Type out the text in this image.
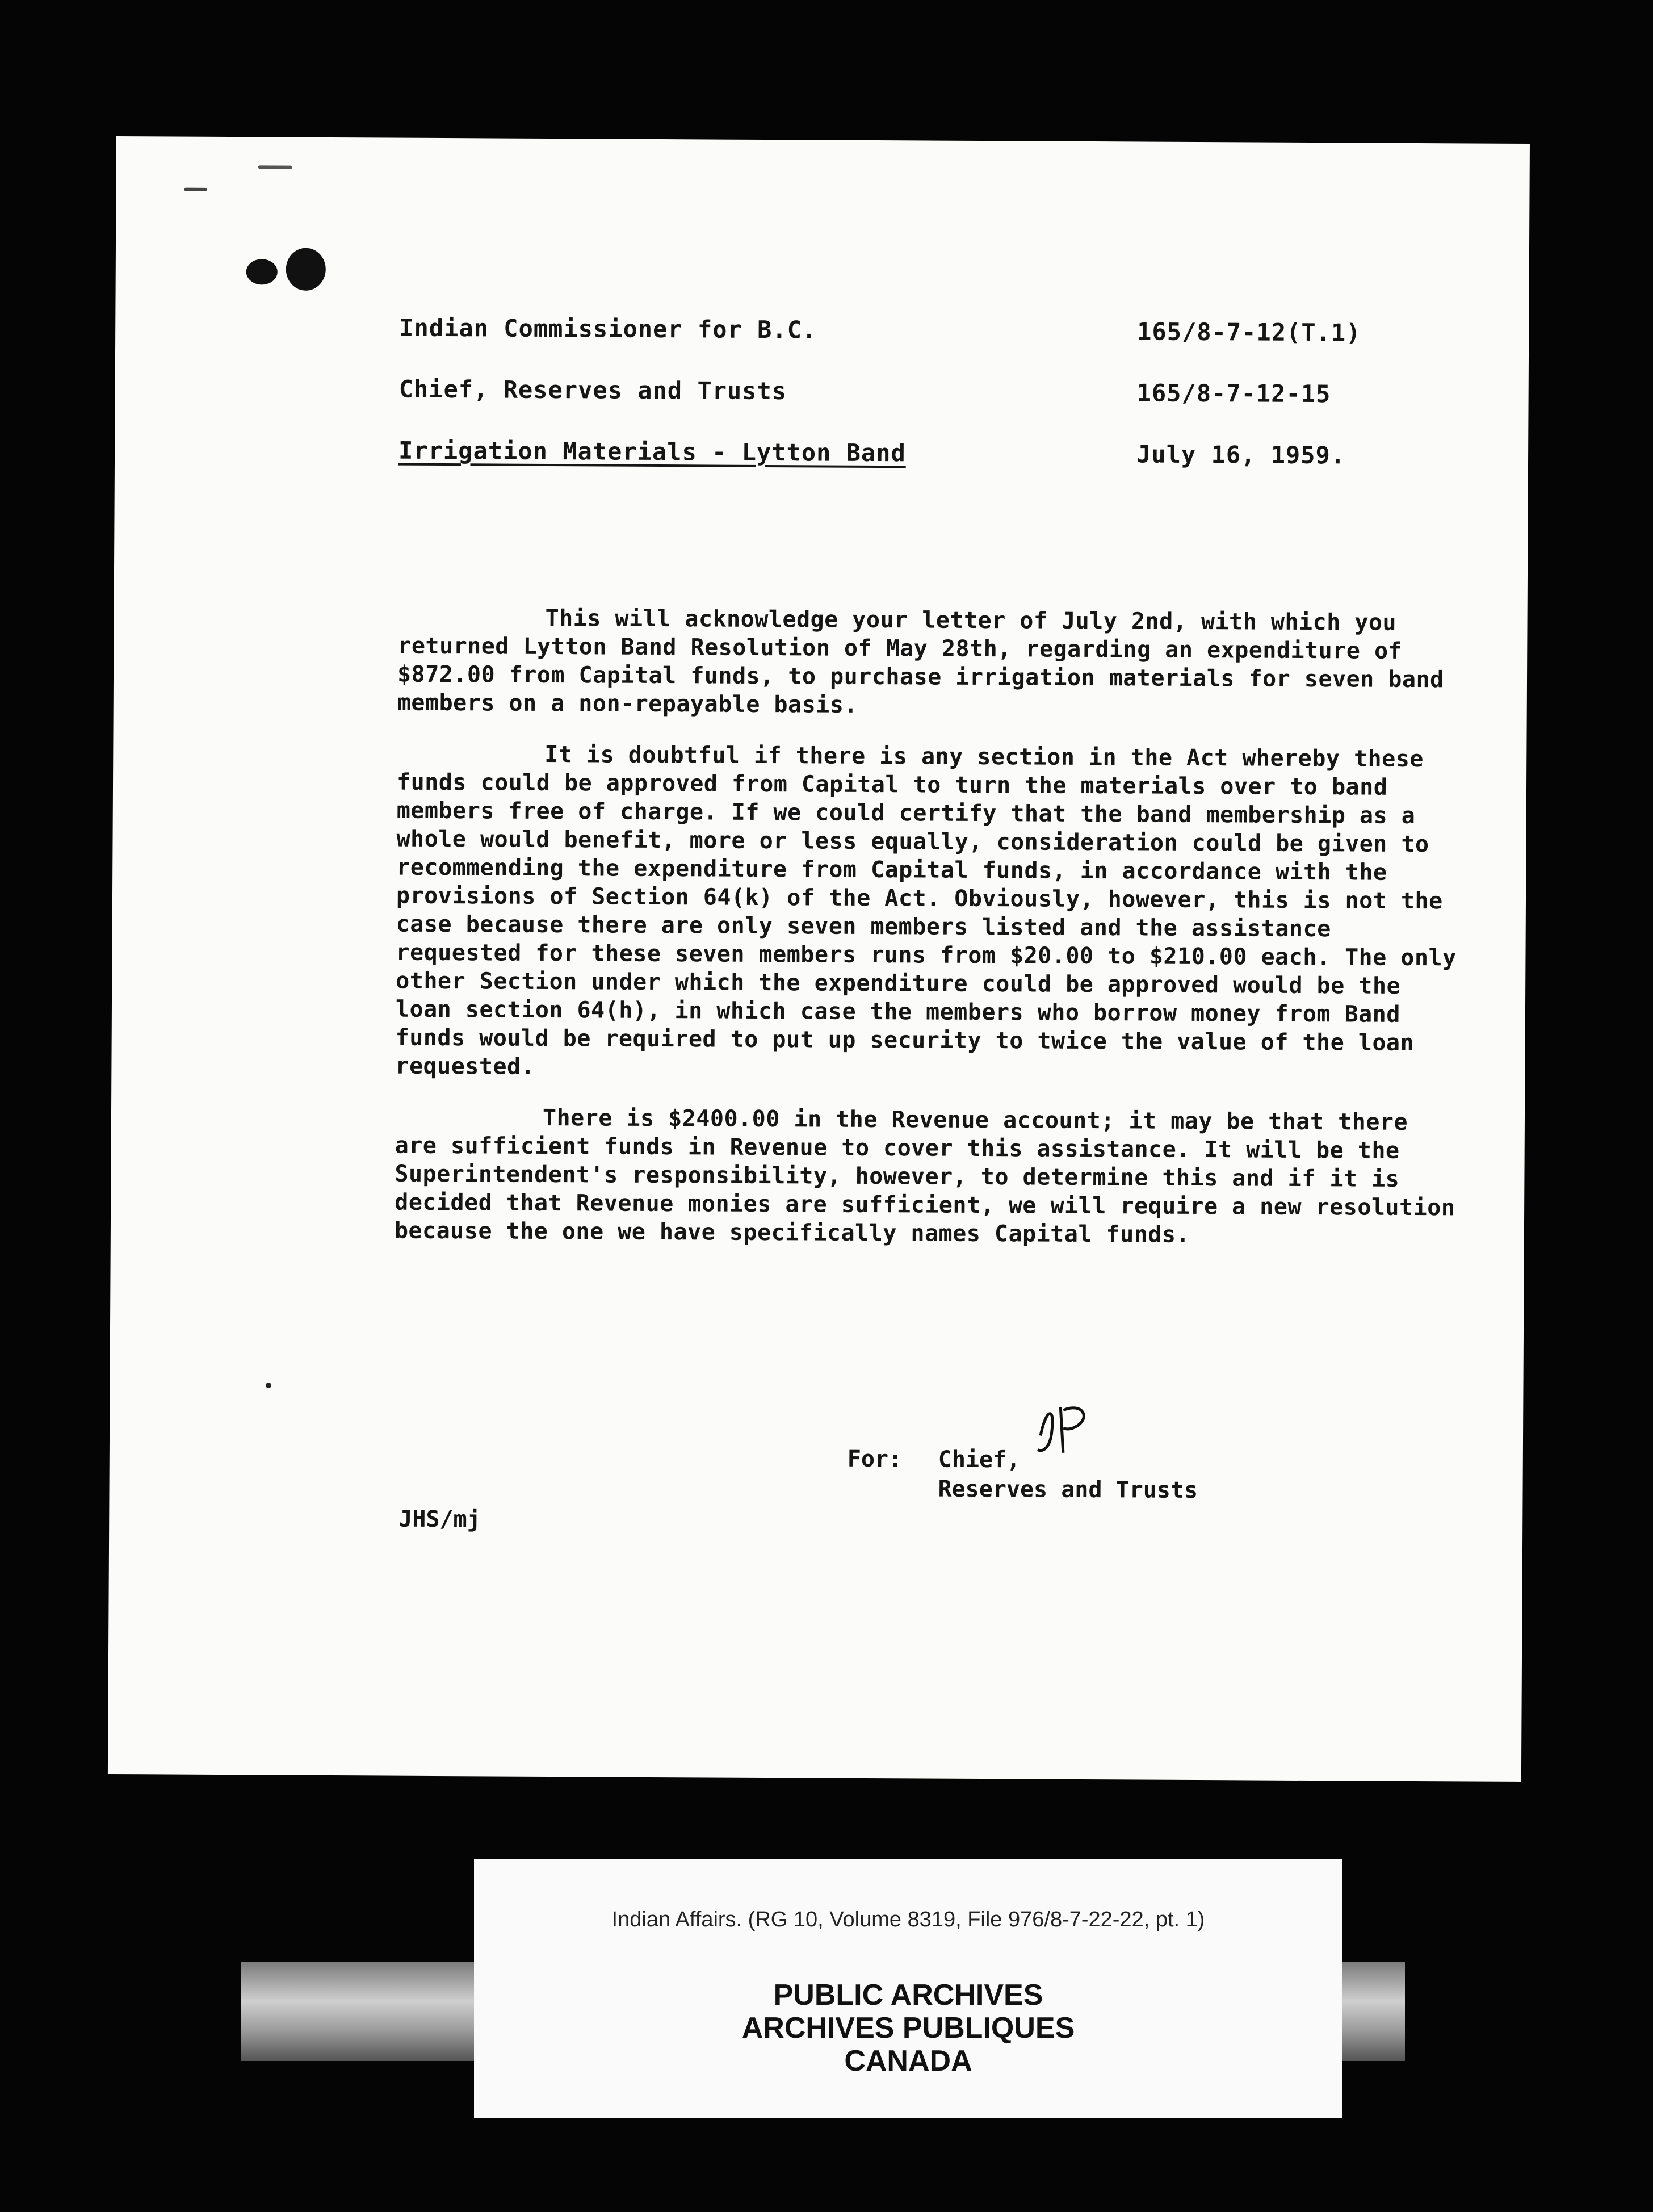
Indian Commissioner for B.C.	165/8-7-12(T.1)
Chief, Reserves and Trusts	165/8-7-12-15
Irrigation Materials - Lytton Band	July 16, 1959.

This will acknowledge your letter of July 2nd, with which you returned Lytton Band Resolution of May 28th, regarding an expenditure of $872.00 from Capital funds, to purchase irrigation materials for seven band members on a non-repayable basis.

It is doubtful if there is any section in the Act whereby these funds could be approved from Capital to turn the materials over to band members free of charge. If we could certify that the band membership as a whole would benefit, more or less equally, consideration could be given to recommending the expenditure from Capital funds, in accordance with the provisions of Section 64(k) of the Act. Obviously, however, this is not the case because there are only seven members listed and the assistance requested for these seven members runs from $20.00 to $210.00 each. The only other Section under which the expenditure could be approved would be the loan section 64(h), in which case the members who borrow money from Band funds would be required to put up security to twice the value of the loan requested.

There is $2400.00 in the Revenue account; it may be that there are sufficient funds in Revenue to cover this assistance. It will be the Superintendent's responsibility, however, to determine this and if it is decided that Revenue monies are sufficient, we will require a new resolution because the one we have specifically names Capital funds.

For: Chief,
Reserves and Trusts
JHS/mj
Indian Affairs. (RG 10, Volume 8319, File 976/8-7-22-22, pt. 1)
PUBLIC ARCHIVES
ARCHIVES PUBLIQUES
CANADA
